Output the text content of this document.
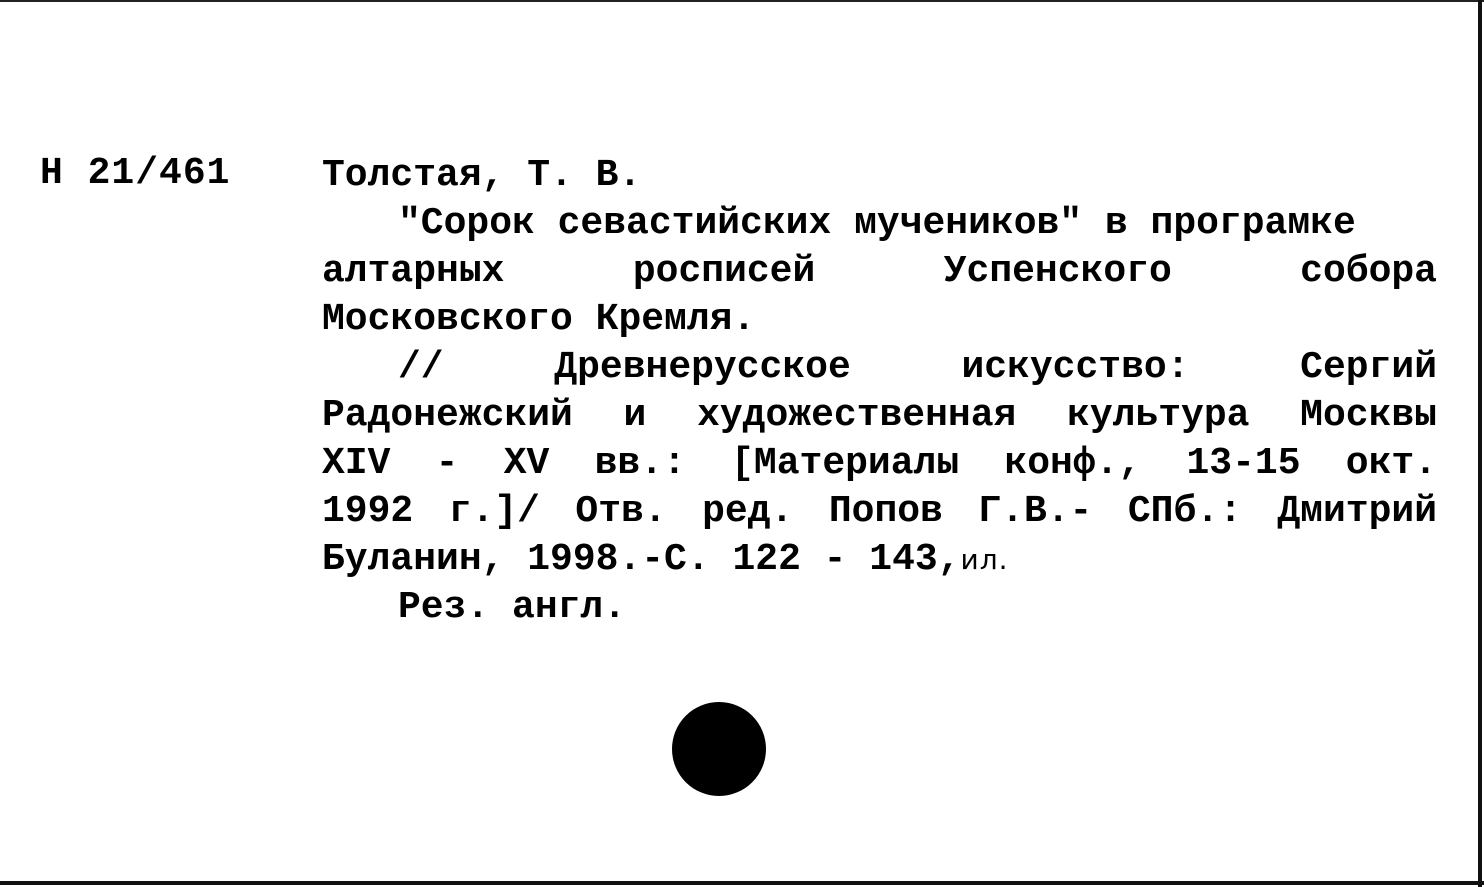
Н 21/461 Толстая, Т. В.
"Сорок севастийских мучеников" в програмке
алтарных росписей Успенского собора
Московского Кремля.
// Древнерусское искусство: Сергий
Радонежский и художественная культура Москвы
XIV - XV вв.: [Материалы конф., 13-15 окт.
1992 г.]/ Отв. ред. Попов Г.В.- СПб.: Дмитрий
Буланин, 1998.-С. 122 - 143,ил.
Рез. англ.
